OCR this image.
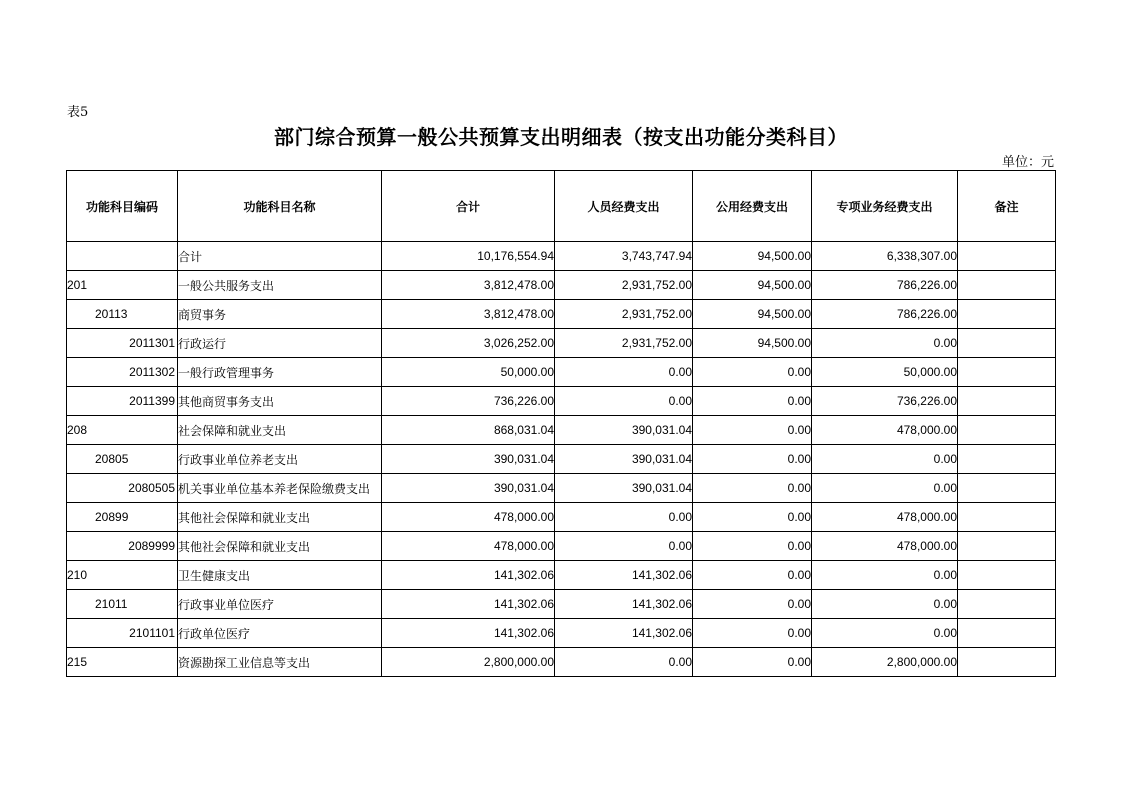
表5
部门综合预算一般公共预算支出明细表（按支出功能分类科目）
单位：元
功能科目编码	功能科目名称	合计	人员经费支出	公用经费支出	专项业务经费支出	备注
	合计	10,176,554.94	3,743,747.94	94,500.00	6,338,307.00	
201	一般公共服务支出	3,812,478.00	2,931,752.00	94,500.00	786,226.00	
20113	商贸事务	3,812,478.00	2,931,752.00	94,500.00	786,226.00	
2011301	行政运行	3,026,252.00	2,931,752.00	94,500.00	0.00	
2011302	一般行政管理事务	50,000.00	0.00	0.00	50,000.00	
2011399	其他商贸事务支出	736,226.00	0.00	0.00	736,226.00	
208	社会保障和就业支出	868,031.04	390,031.04	0.00	478,000.00	
20805	行政事业单位养老支出	390,031.04	390,031.04	0.00	0.00	
2080505	机关事业单位基本养老保险缴费支出	390,031.04	390,031.04	0.00	0.00	
20899	其他社会保障和就业支出	478,000.00	0.00	0.00	478,000.00	
2089999	其他社会保障和就业支出	478,000.00	0.00	0.00	478,000.00	
210	卫生健康支出	141,302.06	141,302.06	0.00	0.00	
21011	行政事业单位医疗	141,302.06	141,302.06	0.00	0.00	
2101101	行政单位医疗	141,302.06	141,302.06	0.00	0.00	
215	资源勘探工业信息等支出	2,800,000.00	0.00	0.00	2,800,000.00	
